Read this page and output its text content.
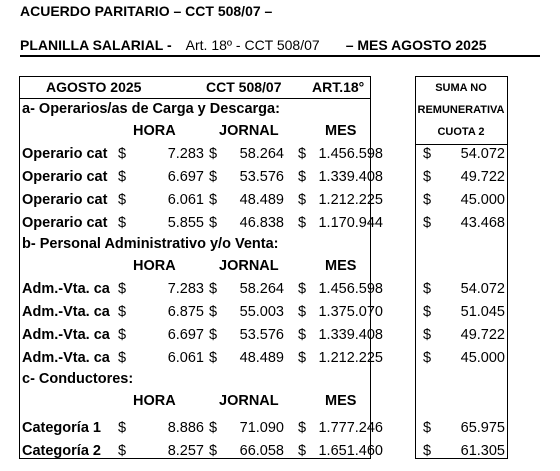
ACUERDO PARITARIO – CCT 508/07 –
PLANILLA SALARIAL - Art. 18º - CCT 508/07 – MES AGOSTO 2025
AGOSTO 2025	CCT 508/07 ART.18°	SUMA NO
REMUNERATIVA
CUOTA 2
a- Operarios/as de Carga y Descarga:
HORA	JORNAL	MES
Operario cat $	7.283 $	58.264 $ 1.456.598	$	54.072
Operario cat $	6.697 $	53.576 $ 1.339.408	$	49.722
Operario cat $	6.061 $	48.489 $ 1.212.225	$	45.000
Operario cat $	5.855 $	46.838 $ 1.170.944	$	43.468
b- Personal Administrativo y/o Venta:
HORA	JORNAL	MES
Adm.-Vta. ca $	7.283 $	58.264 $ 1.456.598	$	54.072
Adm.-Vta. ca $	6.875 $	55.003 $ 1.375.070	$	51.045
Adm.-Vta. ca $	6.697 $	53.576 $ 1.339.408	$	49.722
Adm.-Vta. ca $	6.061 $	48.489 $ 1.212.225	$	45.000
c- Conductores:
HORA	JORNAL	MES
Categoría 1 $	8.886 $	71.090 $ 1.777.246	$	65.975
Categoría 2 $	8.257 $	66.058 $ 1.651.460	$	61.305
